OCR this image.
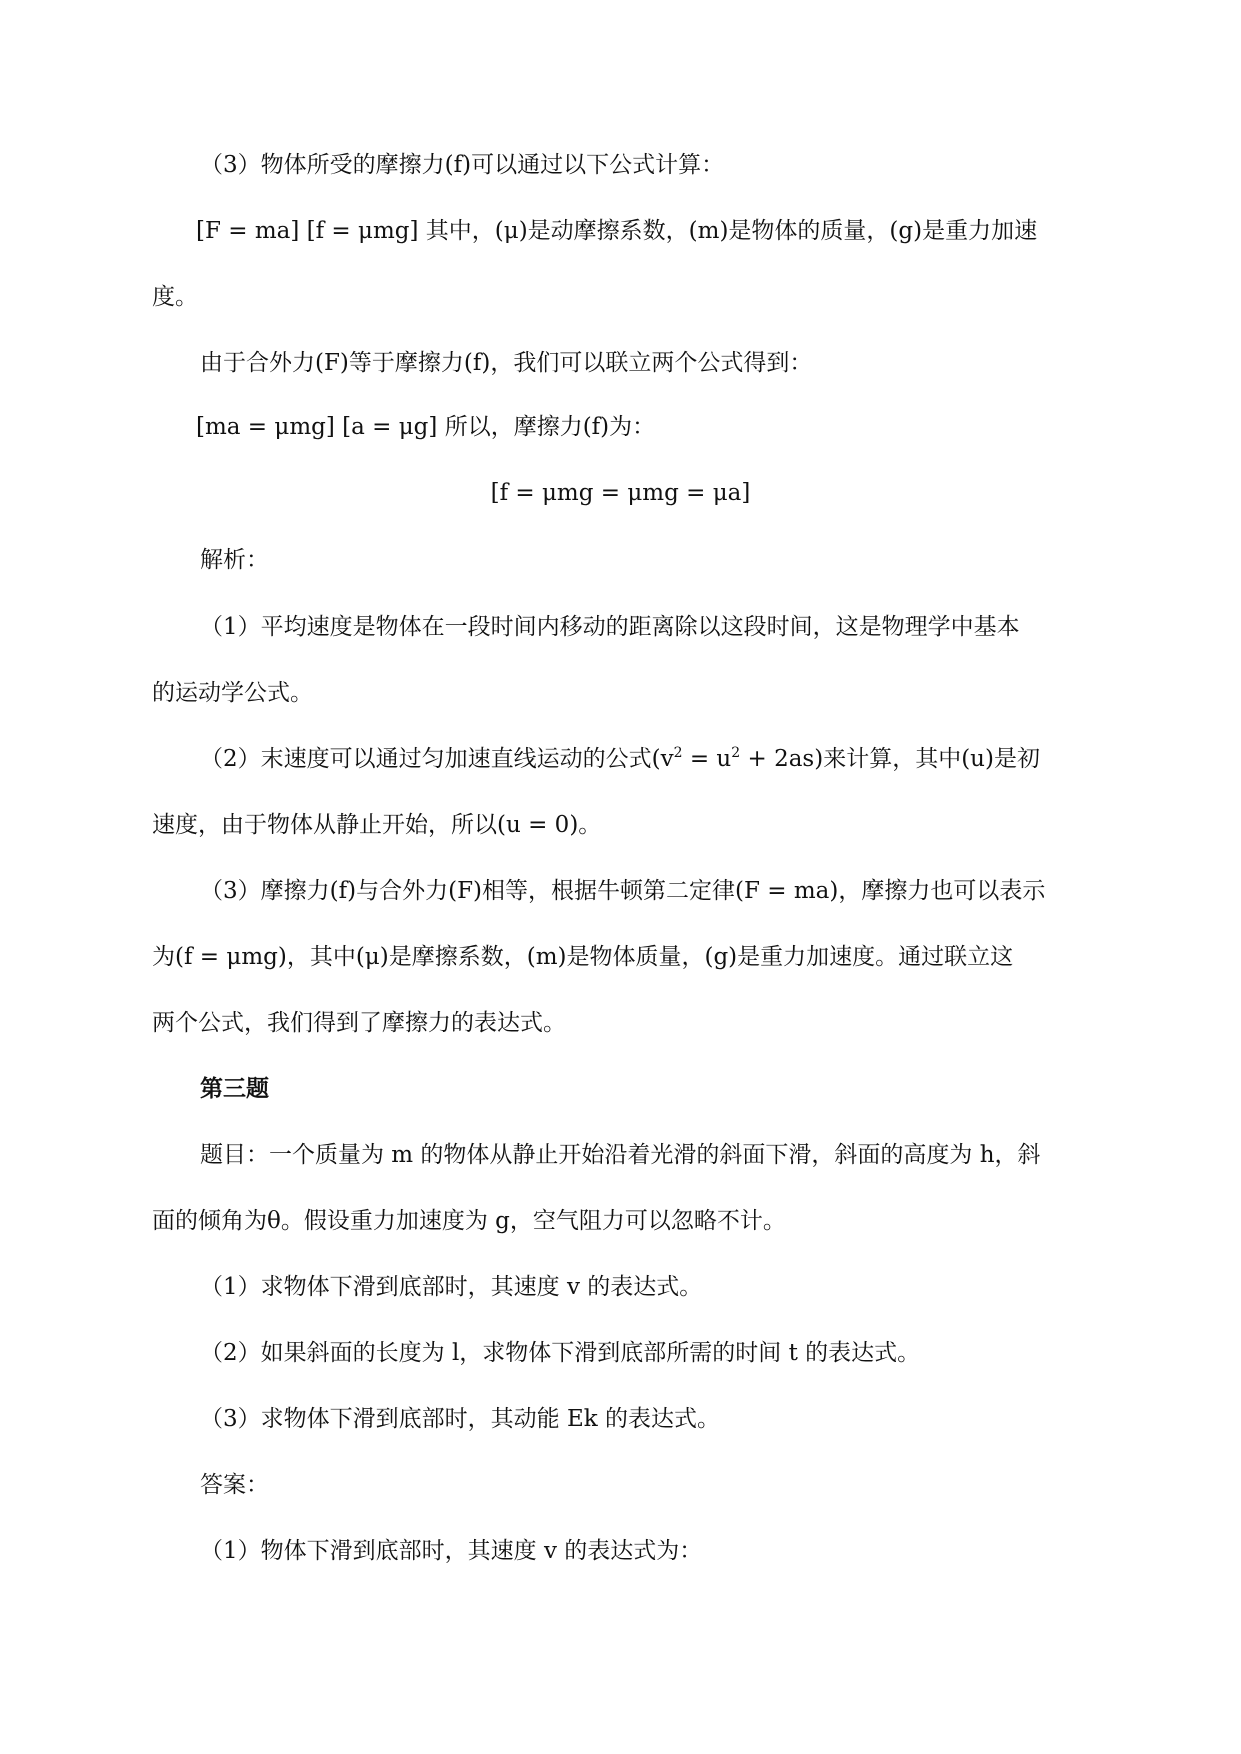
（3）物体所受的摩擦力(f)可以通过以下公式计算：
[F = ma] [f = μmg] 其中，(μ)是动摩擦系数，(m)是物体的质量，(g)是重力加速
度。
由于合外力(F)等于摩擦力(f)，我们可以联立两个公式得到：
[ma = μmg] [a = μg] 所以，摩擦力(f)为：
[f = μmg = μmg = μa]
解析：
（1）平均速度是物体在一段时间内移动的距离除以这段时间，这是物理学中基本
的运动学公式。
（2）末速度可以通过匀加速直线运动的公式$(v^2 = u^2 + 2as)$来计算，其中(u)是初
速度，由于物体从静止开始，所以(u = 0)。
（3）摩擦力(f)与合外力(F)相等，根据牛顿第二定律(F = ma)，摩擦力也可以表示
为(f = μmg)，其中(μ)是摩擦系数，(m)是物体质量，(g)是重力加速度。通过联立这
两个公式，我们得到了摩擦力的表达式。
第三题
题目：一个质量为 m 的物体从静止开始沿着光滑的斜面下滑，斜面的高度为 h，斜
面的倾角为θ。假设重力加速度为 g，空气阻力可以忽略不计。
（1）求物体下滑到底部时，其速度 v 的表达式。
（2）如果斜面的长度为 l，求物体下滑到底部所需的时间 t 的表达式。
（3）求物体下滑到底部时，其动能 Ek 的表达式。
答案：
（1）物体下滑到底部时，其速度 v 的表达式为：
